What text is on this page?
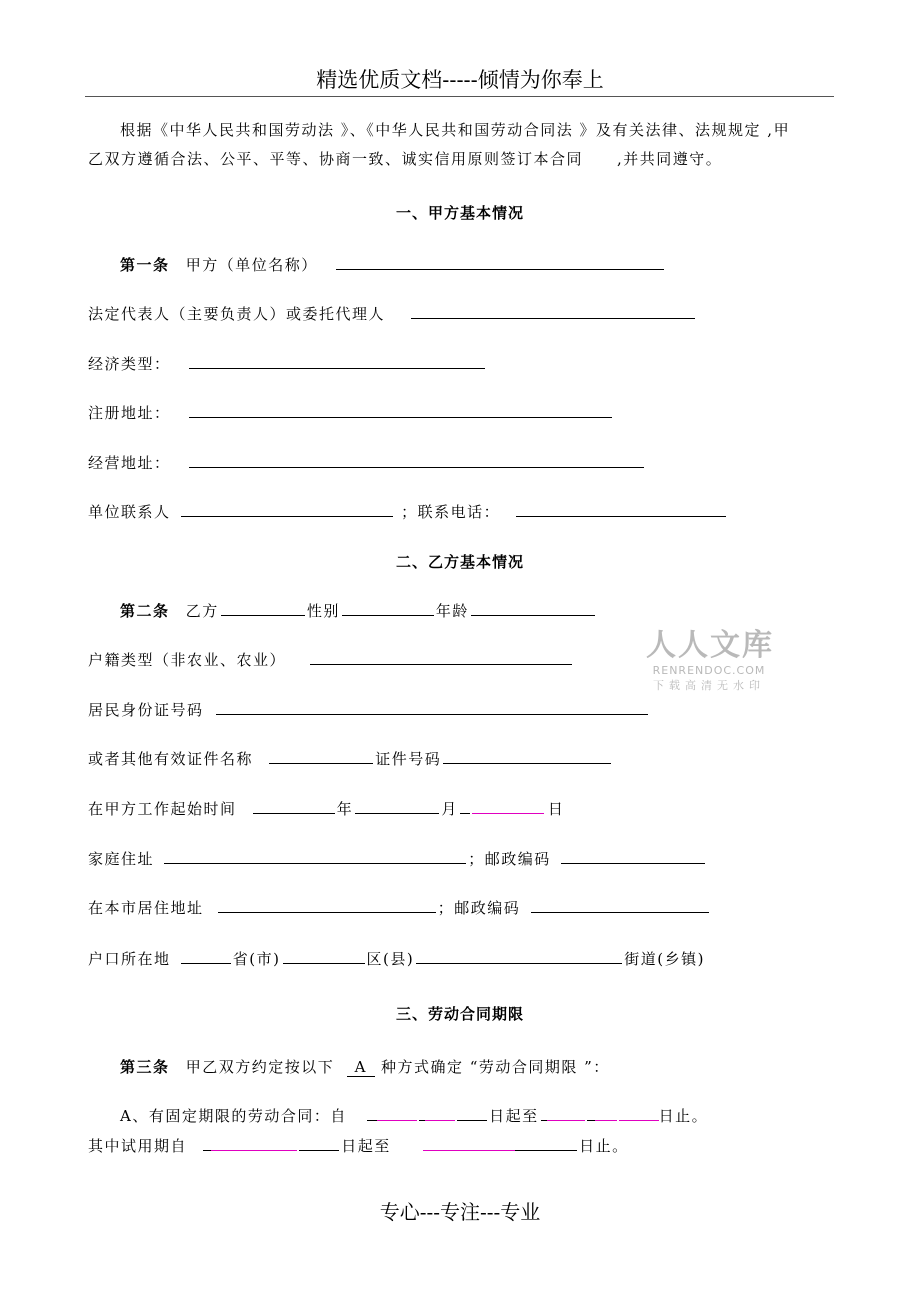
精选优质文档-----倾情为你奉上
根据《中华人民共和国劳动法 》、《中华人民共和国劳动合同法 》及有关法律、法规规定 ,甲
乙双方遵循合法、公平、平等、协商一致、诚实信用原则签订本合同 ,并共同遵守。
一、甲方基本情况
第一条 甲方（单位名称）
法定代表人（主要负责人）或委托代理人
经济类型：
注册地址：
经营地址：
单位联系人	；联系电话：
二、乙方基本情况
第二条 乙方	性别	年龄
户籍类型（非农业、农业）
居民身份证号码
或者其他有效证件名称	证件号码
在甲方工作起始时间	年	月	日
家庭住址	；邮政编码
在本市居住地址	；邮政编码
户口所在地	省(市)	区(县)	街道(乡镇)
三、劳动合同期限
第三条 甲乙双方约定按以下 A 种方式确定 “劳动合同期限 ”：
A、有固定期限的劳动合同：自	日起至	日止。
其中试用期自	日起至	日止。
人人文库
RENRENDOC.COM
下载高清无水印
专心---专注---专业
